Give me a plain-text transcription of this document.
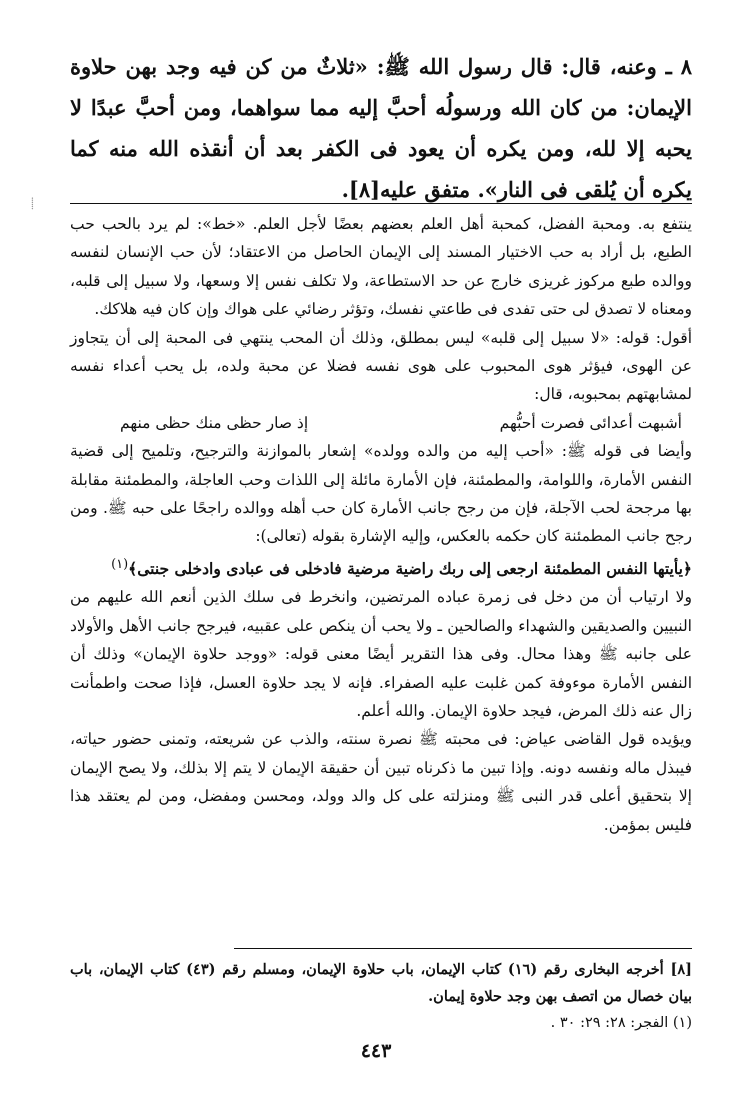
٨ ـ وعنه، قال: قال رسول الله ﷺ: «ثلاثٌ من كن فيه وجد بهن حلاوة الإيمان: من كان الله ورسولُه أحبَّ إليه مما سواهما، ومن أحبَّ عبدًا لا يحبه إلا لله، ومن يكره أن يعود فى الكفر بعد أن أنقذه الله منه كما يكره أن يُلقى فى النار». متفق عليه[٨].

⸽

ينتفع به. ومحبة الفضل، كمحبة أهل العلم بعضهم بعضًا لأجل العلم. «خط»: لم يرد بالحب حب الطبع، بل أراد به حب الاختيار المسند إلى الإيمان الحاصل من الاعتقاد؛ لأن حب الإنسان لنفسه ووالده طبع مركوز غريزى خارج عن حد الاستطاعة، ولا تكلف نفس إلا وسعها، ولا سبيل إلى قلبه، ومعناه لا تصدق لى حتى تفدى فى طاعتي نفسك، وتؤثر رضائي على هواك وإن كان فيه هلاكك.

أقول: قوله: «لا سبيل إلى قلبه» ليس بمطلق، وذلك أن المحب ينتهي فى المحبة إلى أن يتجاوز عن الهوى، فيؤثر هوى المحبوب على هوى نفسه فضلا عن محبة ولده، بل يحب أعداء نفسه لمشابهتهم بمحبوبه، قال:

أشبهت أعدائى فصرت أحبُّهم
إذ صار حظى منك حظى منهم

وأيضا فى قوله ﷺ: «أحب إليه من والده وولده» إشعار بالموازنة والترجيح، وتلميح إلى قضية النفس الأمارة، واللوامة، والمطمئنة، فإن الأمارة مائلة إلى اللذات وحب العاجلة، والمطمئنة مقابلة بها مرجحة لحب الآجلة، فإن من رجح جانب الأمارة كان حب أهله ووالده راجحًا على حبه ﷺ. ومن رجح جانب المطمئنة كان حكمه بالعكس، وإليه الإشارة بقوله (تعالى):

﴿يأيتها النفس المطمئنة ارجعى إلى ربك راضية مرضية فادخلى فى عبادى وادخلى جنتى﴾$^{(١)}$

ولا ارتياب أن من دخل فى زمرة عباده المرتضين، وانخرط فى سلك الذين أنعم الله عليهم من النبيين والصديقين والشهداء والصالحين ـ ولا يحب أن ينكص على عقبيه، فيرجح جانب الأهل والأولاد على جانبه ﷺ وهذا محال. وفى هذا التقرير أيضًا معنى قوله: «ووجد حلاوة الإيمان» وذلك أن النفس الأمارة موءوفة كمن غلبت عليه الصفراء. فإنه لا يجد حلاوة العسل، فإذا صحت واطمأنت زال عنه ذلك المرض، فيجد حلاوة الإيمان. والله أعلم.

ويؤيده قول القاضى عياض: فى محبته ﷺ نصرة سنته، والذب عن شريعته، وتمنى حضور حياته، فيبذل ماله ونفسه دونه. وإذا تبين ما ذكرناه تبين أن حقيقة الإيمان لا يتم إلا بذلك، ولا يصح الإيمان إلا بتحقيق أعلى قدر النبى ﷺ ومنزلته على كل والد وولد، ومحسن ومفضل، ومن لم يعتقد هذا فليس بمؤمن.

[٨] أخرجه البخارى رقم (١٦) كتاب الإيمان، باب حلاوة الإيمان، ومسلم رقم (٤٣) كتاب الإيمان، باب بيان خصال من اتصف بهن وجد حلاوة إيمان.

(١) الفجر: ٢٨: ٢٩: ٣٠ .

٤٤٣
